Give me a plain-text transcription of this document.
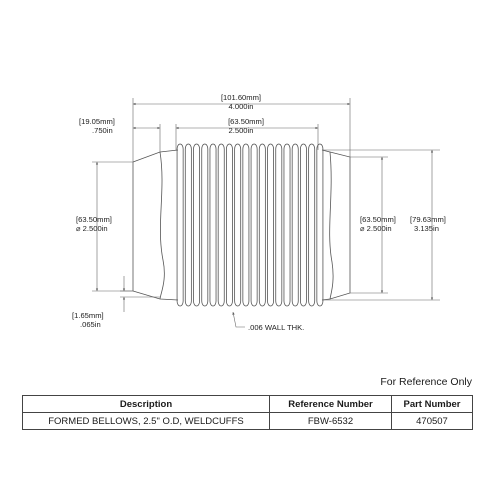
[101.60mm]
4.000in
[19.05mm]
.750in
[63.50mm]
2.500in
[63.50mm]
⌀ 2.500in
[63.50mm]
⌀ 2.500in
[79.63mm]
3.135in
[1.65mm]
.065in	.006 WALL THK.
For Reference Only
Description	Reference Number	Part Number
FORMED BELLOWS, 2.5" O.D, WELDCUFFS	FBW-6532	470507
